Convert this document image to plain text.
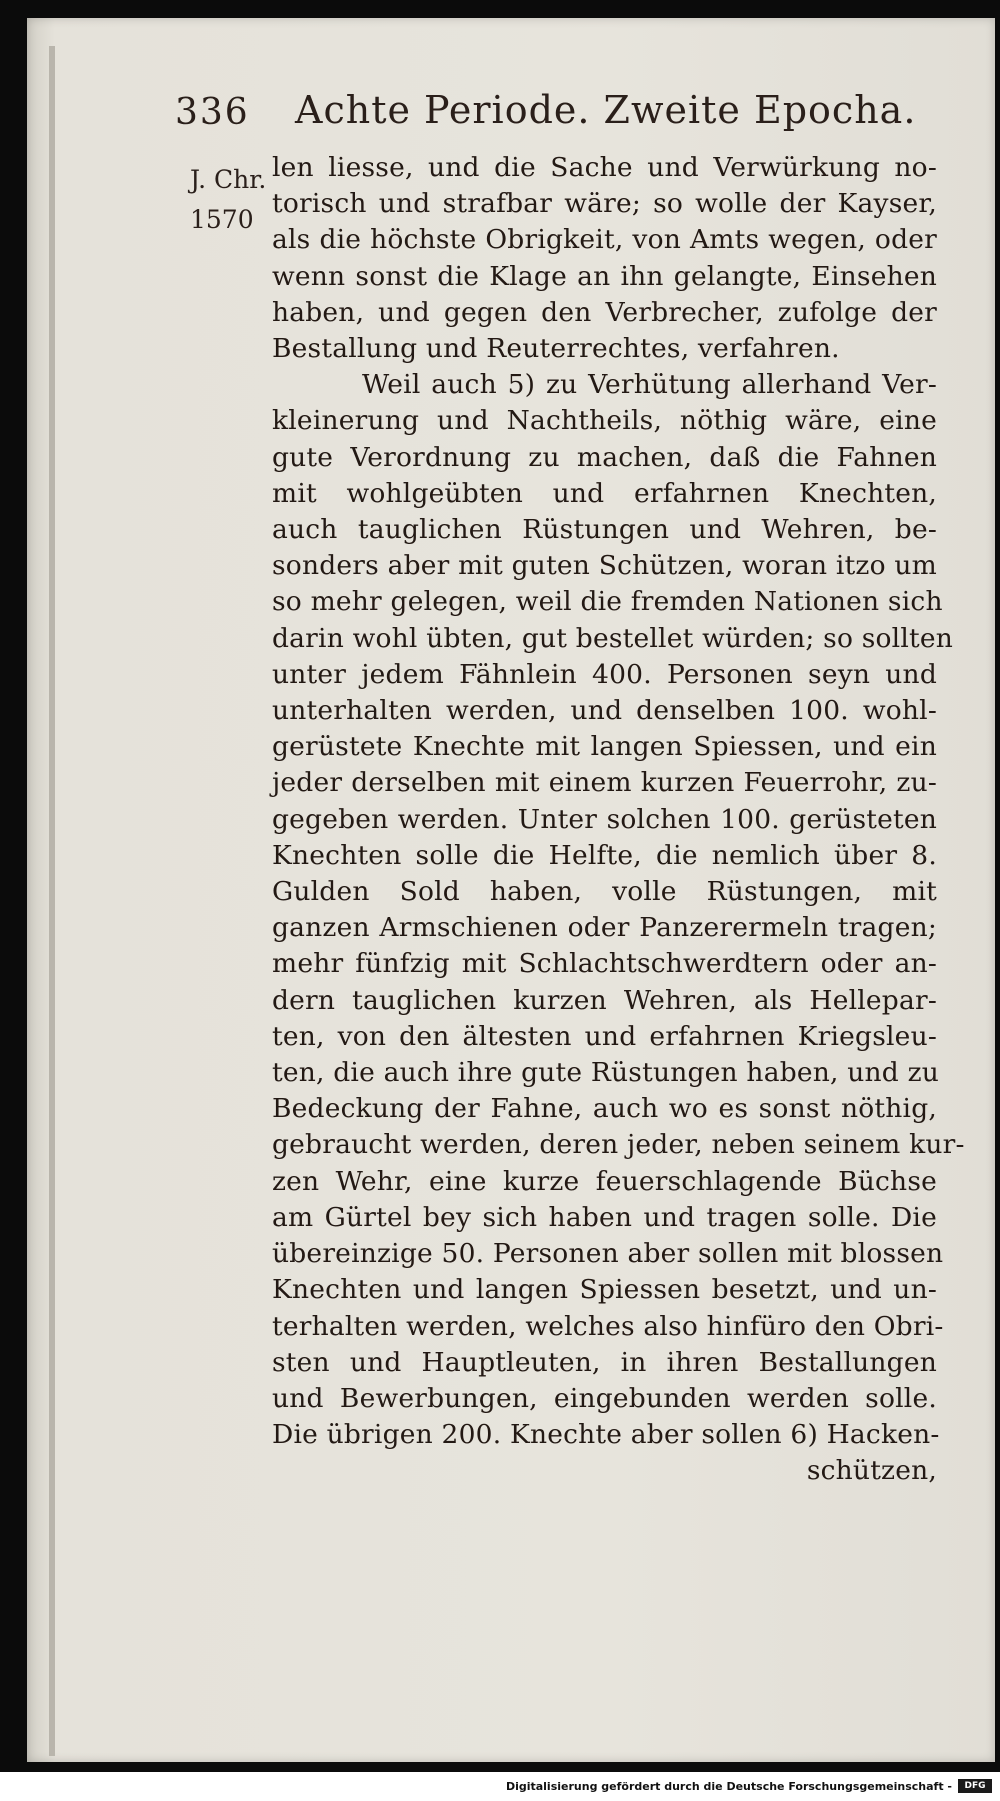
336 Achte Periode. Zweite Epocha.
J. Chr.
1570
len liesse, und die Sache und Verwürkung no-
torisch und strafbar wäre; so wolle der Kayser,
als die höchste Obrigkeit, von Amts wegen, oder
wenn sonst die Klage an ihn gelangte, Einsehen
haben, und gegen den Verbrecher, zufolge der
Bestallung und Reuterrechtes, verfahren.
Weil auch 5) zu Verhütung allerhand Ver-
kleinerung und Nachtheils, nöthig wäre, eine
gute Verordnung zu machen, daß die Fahnen
mit wohlgeübten und erfahrnen Knechten,
auch tauglichen Rüstungen und Wehren, be-
sonders aber mit guten Schützen, woran itzo um
so mehr gelegen, weil die fremden Nationen sich
darin wohl übten, gut bestellet würden; so sollten
unter jedem Fähnlein 400. Personen seyn und
unterhalten werden, und denselben 100. wohl-
gerüstete Knechte mit langen Spiessen, und ein
jeder derselben mit einem kurzen Feuerrohr, zu-
gegeben werden. Unter solchen 100. gerüsteten
Knechten solle die Helfte, die nemlich über 8.
Gulden Sold haben, volle Rüstungen, mit
ganzen Armschienen oder Panzerermeln tragen;
mehr fünfzig mit Schlachtschwerdtern oder an-
dern tauglichen kurzen Wehren, als Hellepar-
ten, von den ältesten und erfahrnen Kriegsleu-
ten, die auch ihre gute Rüstungen haben, und zu
Bedeckung der Fahne, auch wo es sonst nöthig,
gebraucht werden, deren jeder, neben seinem kur-
zen Wehr, eine kurze feuerschlagende Büchse
am Gürtel bey sich haben und tragen solle. Die
übereinzige 50. Personen aber sollen mit blossen
Knechten und langen Spiessen besetzt, und un-
terhalten werden, welches also hinfüro den Obri-
sten und Hauptleuten, in ihren Bestallungen
und Bewerbungen, eingebunden werden solle.
Die übrigen 200. Knechte aber sollen 6) Hacken-
schützen,
Digitalisierung gefördert durch die Deutsche Forschungsgemeinschaft -	DFG
